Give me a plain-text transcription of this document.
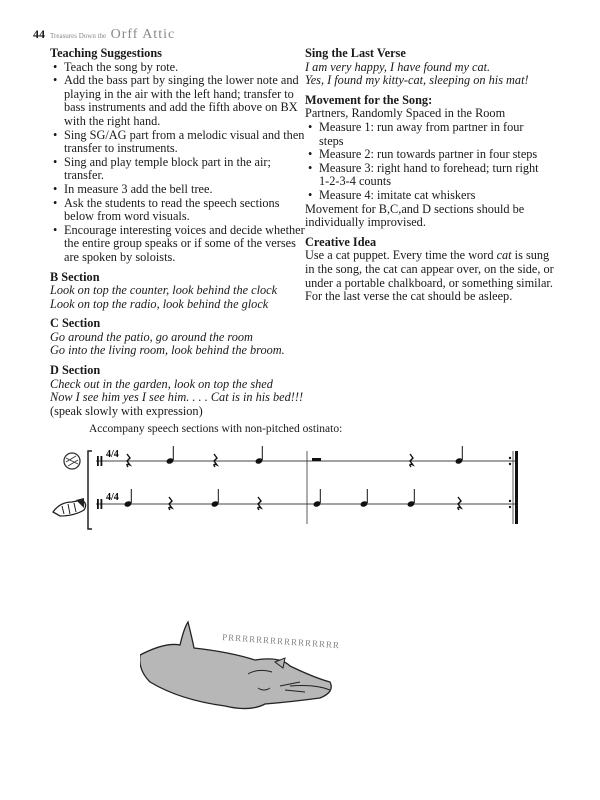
44 Treasures Down the Orff Attic
Teaching Suggestions
• Teach the song by rote.
• Add the bass part by singing the lower note and playing in the air with the left hand; transfer to bass instruments and add the fifth above on BX with the right hand.
• Sing SG/AG part from a melodic visual and then transfer to instruments.
• Sing and play temple block part in the air; transfer.
• In measure 3 add the bell tree.
• Ask the students to read the speech sections below from word visuals.
• Encourage interesting voices and decide whether the entire group speaks or if some of the verses are spoken by soloists.
B Section

Look on top the counter, look behind the clock

Look on top the radio, look behind the glock

C Section

Go around the patio, go around the room

Go into the living room, look behind the broom.

D Section

Check out in the garden, look on top the shed

Now I see him yes I see him. . . . Cat is in his bed!!!

(speak slowly with expression)

Sing the Last Verse

I am very happy, I have found my cat.

Yes, I found my kitty-cat, sleeping on his mat!

Movement for the Song:

Partners, Randomly Spaced in the Room

• Measure 1: run away from partner in four steps
• Measure 2: run towards partner in four steps
• Measure 3: right hand to forehead; turn right 1-2-3-4 counts
• Measure 4: imitate cat whiskers

Movement for B,C,and D sections should be individually improvised.

Creative Idea

Use a cat puppet. Every time the word cat is sung in the song, the cat can appear over, on the side, or under a portable chalkboard, or something similar. For the last verse the cat should be asleep.

Accompany speech sections with non-pitched ostinato:
4/4
4/4
PRRRRRRRRRRRRRRRR
